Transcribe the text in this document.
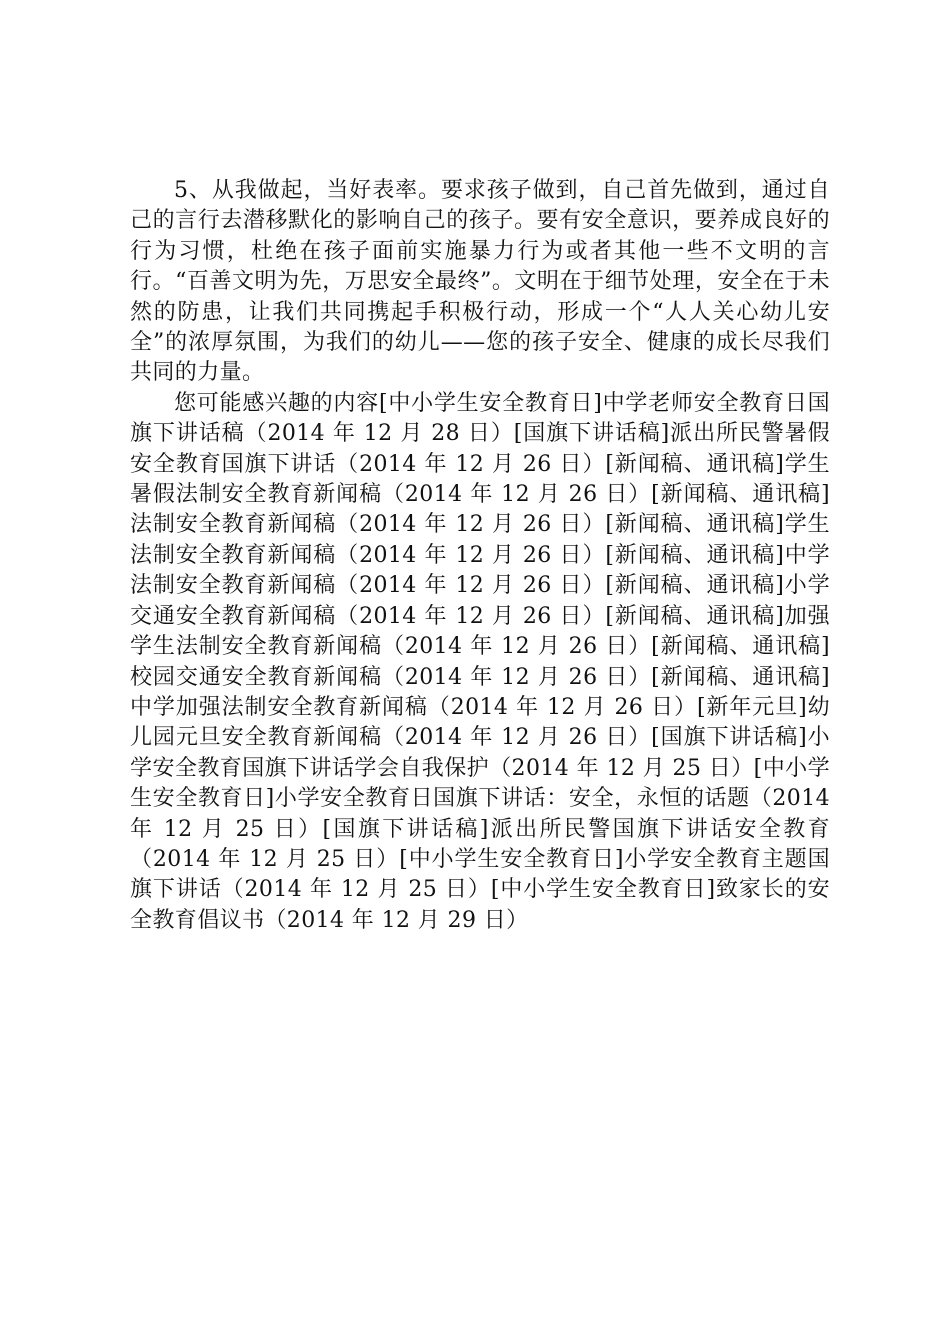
5、从我做起，当好表率。要求孩子做到，自己首先做到，通过自己的言行去潜移默化的影响自己的孩子。要有安全意识，要养成良好的行为习惯，杜绝在孩子面前实施暴力行为或者其他一些不文明的言行。“百善文明为先，万思安全最终”。文明在于细节处理，安全在于未然的防患，让我们共同携起手积极行动，形成一个“人人关心幼儿安全”的浓厚氛围，为我们的幼儿——您的孩子安全、健康的成长尽我们共同的力量。

您可能感兴趣的内容[中小学生安全教育日]中学老师安全教育日国旗下讲话稿（2014 年 12 月 28 日）[国旗下讲话稿]派出所民警暑假安全教育国旗下讲话（2014 年 12 月 26 日）[新闻稿、通讯稿]学生暑假法制安全教育新闻稿（2014 年 12 月 26 日）[新闻稿、通讯稿]法制安全教育新闻稿（2014 年 12 月 26 日）[新闻稿、通讯稿]学生法制安全教育新闻稿（2014 年 12 月 26 日）[新闻稿、通讯稿]中学法制安全教育新闻稿（2014 年 12 月 26 日）[新闻稿、通讯稿]小学交通安全教育新闻稿（2014 年 12 月 26 日）[新闻稿、通讯稿]加强学生法制安全教育新闻稿（2014 年 12 月 26 日）[新闻稿、通讯稿]校园交通安全教育新闻稿（2014 年 12 月 26 日）[新闻稿、通讯稿]中学加强法制安全教育新闻稿（2014 年 12 月 26 日）[新年元旦]幼儿园元旦安全教育新闻稿（2014 年 12 月 26 日）[国旗下讲话稿]小学安全教育国旗下讲话学会自我保护（2014 年 12 月 25 日）[中小学生安全教育日]小学安全教育日国旗下讲话：安全，永恒的话题（2014 年 12 月 25 日）[国旗下讲话稿]派出所民警国旗下讲话安全教育（2014 年 12 月 25 日）[中小学生安全教育日]小学安全教育主题国旗下讲话（2014 年 12 月 25 日）[中小学生安全教育日]致家长的安全教育倡议书（2014 年 12 月 29 日）
